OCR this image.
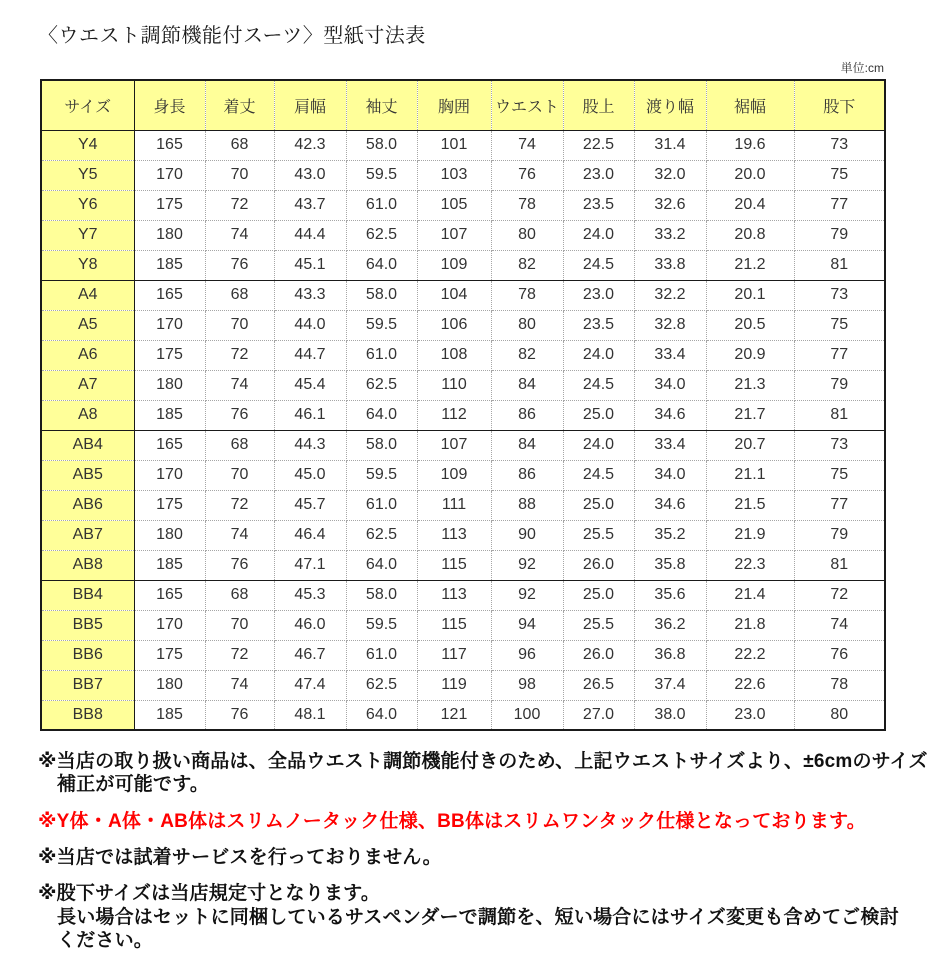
〈ウエスト調節機能付スーツ〉型紙寸法表
単位:cm
サイズ	身長	着丈	肩幅	袖丈	胸囲	ウエスト	股上	渡り幅	裾幅	股下
Y4	165	68	42.3	58.0	101	74	22.5	31.4	19.6	73
Y5	170	70	43.0	59.5	103	76	23.0	32.0	20.0	75
Y6	175	72	43.7	61.0	105	78	23.5	32.6	20.4	77
Y7	180	74	44.4	62.5	107	80	24.0	33.2	20.8	79
Y8	185	76	45.1	64.0	109	82	24.5	33.8	21.2	81
A4	165	68	43.3	58.0	104	78	23.0	32.2	20.1	73
A5	170	70	44.0	59.5	106	80	23.5	32.8	20.5	75
A6	175	72	44.7	61.0	108	82	24.0	33.4	20.9	77
A7	180	74	45.4	62.5	110	84	24.5	34.0	21.3	79
A8	185	76	46.1	64.0	112	86	25.0	34.6	21.7	81
AB4	165	68	44.3	58.0	107	84	24.0	33.4	20.7	73
AB5	170	70	45.0	59.5	109	86	24.5	34.0	21.1	75
AB6	175	72	45.7	61.0	111	88	25.0	34.6	21.5	77
AB7	180	74	46.4	62.5	113	90	25.5	35.2	21.9	79
AB8	185	76	47.1	64.0	115	92	26.0	35.8	22.3	81
BB4	165	68	45.3	58.0	113	92	25.0	35.6	21.4	72
BB5	170	70	46.0	59.5	115	94	25.5	36.2	21.8	74
BB6	175	72	46.7	61.0	117	96	26.0	36.8	22.2	76
BB7	180	74	47.4	62.5	119	98	26.5	37.4	22.6	78
BB8	185	76	48.1	64.0	121	100	27.0	38.0	23.0	80
※当店の取り扱い商品は、全品ウエスト調節機能付きのため、上記ウエストサイズより、±6cmのサイズ
補正が可能です。
※Y体・A体・AB体はスリムノータック仕様、BB体はスリムワンタック仕様となっております。
※当店では試着サービスを行っておりません。
※股下サイズは当店規定寸となります。
長い場合はセットに同梱しているサスペンダーで調節を、短い場合にはサイズ変更も含めてご検討
ください。
